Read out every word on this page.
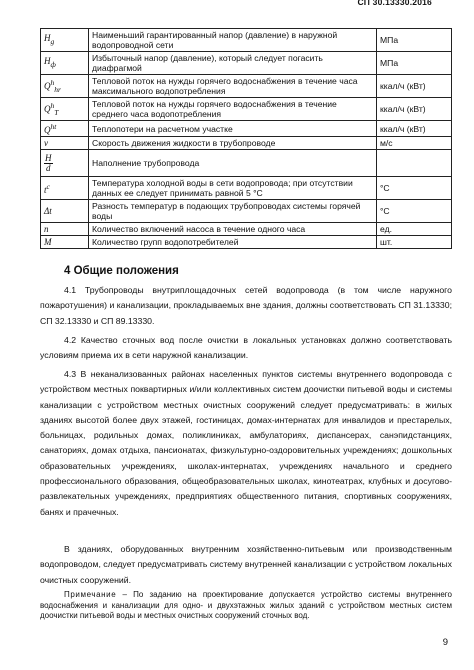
СП 30.13330.2016
$H_g$	Наименьший гарантированный напор (давление) в наружной водопроводной сети	МПа
$H_ф$	Избыточный напор (давление), который следует погасить диафрагмой	МПа
$Q^h_{hr}$	Тепловой поток на нужды горячего водоснабжения в течение часа максимального водопотребления	ккал/ч (кВт)
$Q^h_T$	Тепловой поток на нужды горячего водоснабжения в течение среднего часа водопотребления	ккал/ч (кВт)
$Q^{ht}$	Теплопотери на расчетном участке	ккал/ч (кВт)
v	Скорость движения жидкости в трубопроводе	м/с

$\frac{H}{d}$	Наполнение трубопровода	
$t^c$	Температура холодной воды в сети водопровода; при отсутствии данных ее следует принимать равной 5 °С	°С
Δt	Разность температур в подающих трубопроводах системы горячей воды	°С
n	Количество включений насоса в течение одного часа	ед.
M	Количество групп водопотребителей	шт.
4 Общие положения

4.1 Трубопроводы внутриплощадочных сетей водопровода (в том числе наружного пожаротушения) и канализации, прокладываемых вне здания, должны соответствовать СП 31.13330; СП 32.13330 и СП 89.13330.

4.2 Качество сточных вод после очистки в локальных установках должно соответствовать условиям приема их в сети наружной канализации.

4.3 В неканализованных районах населенных пунктов системы внутреннего водопровода с устройством местных поквартирных и/или коллективных систем доочистки питьевой воды и системы канализации с устройством местных очистных сооружений следует предусматривать: в жилых зданиях высотой более двух этажей, гостиницах, домах-интернатах для инвалидов и престарелых, больницах, родильных домах, поликлиниках, амбулаториях, диспансерах, санэпидстанциях, санаториях, домах отдыха, пансионатах, физкультурно-оздоровительных учреждениях; дошкольных образовательных учреждениях, школах-интернатах, учреждениях начального и среднего профессионального образования, общеобразовательных школах, кинотеатрах, клубных и досугово-развлекательных учреждениях, предприятиях общественного питания, спортивных сооружениях, банях и прачечных.

В зданиях, оборудованных внутренним хозяйственно-питьевым или производственным водопроводом, следует предусматривать систему внутренней канализации с устройством локальных очистных сооружений.

Примечание – По заданию на проектирование допускается устройство системы внутреннего водоснабжения и канализации для одно- и двухэтажных жилых зданий с устройством местных систем доочистки питьевой воды и местных очистных сооружений сточных вод.

9
